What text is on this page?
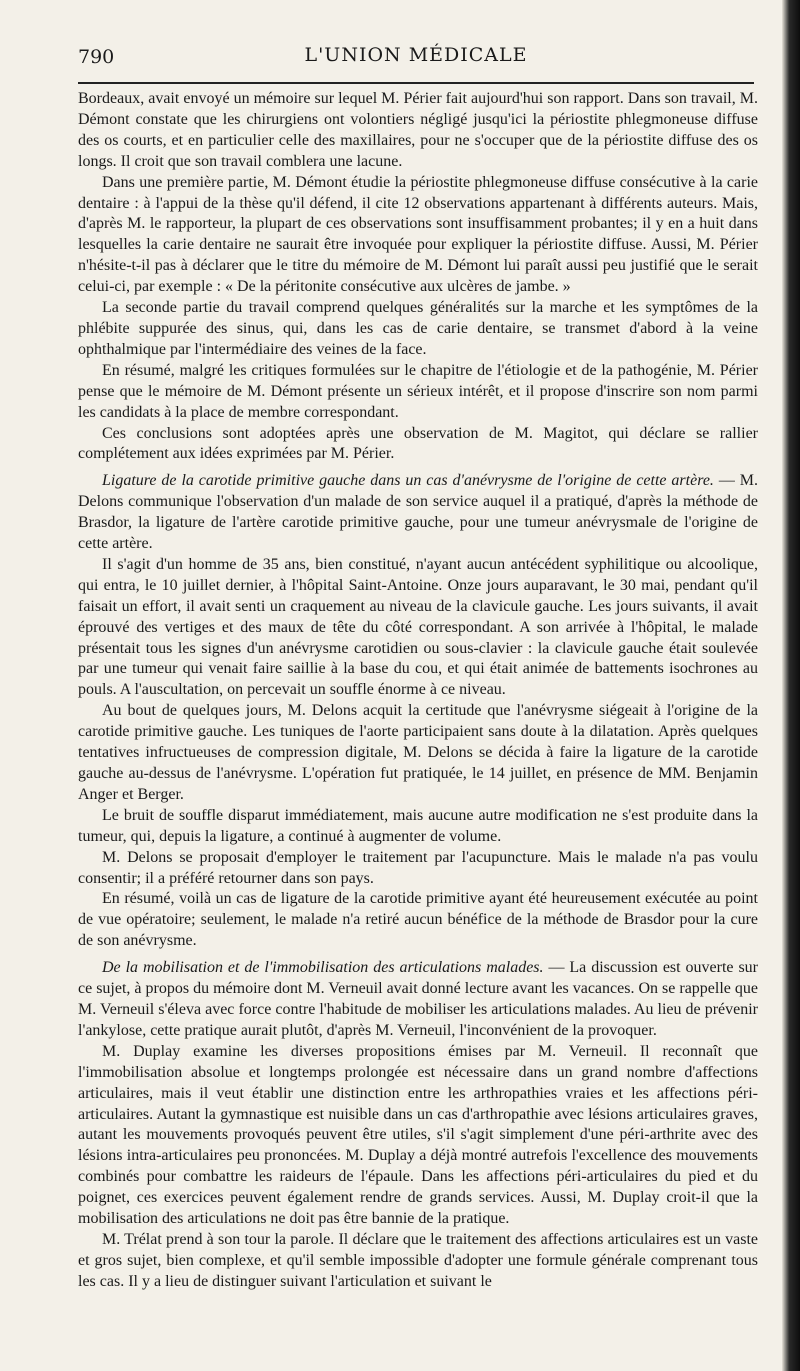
790	L'UNION MÉDICALE

Bordeaux, avait envoyé un mémoire sur lequel M. Périer fait aujourd'hui son rapport. Dans son travail, M. Démont constate que les chirurgiens ont volontiers négligé jusqu'ici la périostite phlegmoneuse diffuse des os courts, et en particulier celle des maxillaires, pour ne s'occuper que de la périostite diffuse des os longs. Il croit que son travail comblera une lacune.

Dans une première partie, M. Démont étudie la périostite phlegmoneuse diffuse consécutive à la carie dentaire : à l'appui de la thèse qu'il défend, il cite 12 observations appartenant à différents auteurs. Mais, d'après M. le rapporteur, la plupart de ces observations sont insuffisamment probantes; il y en a huit dans lesquelles la carie dentaire ne saurait être invoquée pour expliquer la périostite diffuse. Aussi, M. Périer n'hésite-t-il pas à déclarer que le titre du mémoire de M. Démont lui paraît aussi peu justifié que le serait celui-ci, par exemple : « De la péritonite consécutive aux ulcères de jambe. »

La seconde partie du travail comprend quelques généralités sur la marche et les symptômes de la phlébite suppurée des sinus, qui, dans les cas de carie dentaire, se transmet d'abord à la veine ophthalmique par l'intermédiaire des veines de la face.

En résumé, malgré les critiques formulées sur le chapitre de l'étiologie et de la pathogénie, M. Périer pense que le mémoire de M. Démont présente un sérieux intérêt, et il propose d'inscrire son nom parmi les candidats à la place de membre correspondant.

Ces conclusions sont adoptées après une observation de M. Magitot, qui déclare se rallier complétement aux idées exprimées par M. Périer.

Ligature de la carotide primitive gauche dans un cas d'anévrysme de l'origine de cette artère. — M. Delons communique l'observation d'un malade de son service auquel il a pratiqué, d'après la méthode de Brasdor, la ligature de l'artère carotide primitive gauche, pour une tumeur anévrysmale de l'origine de cette artère.

Il s'agit d'un homme de 35 ans, bien constitué, n'ayant aucun antécédent syphilitique ou alcoolique, qui entra, le 10 juillet dernier, à l'hôpital Saint-Antoine. Onze jours auparavant, le 30 mai, pendant qu'il faisait un effort, il avait senti un craquement au niveau de la clavicule gauche. Les jours suivants, il avait éprouvé des vertiges et des maux de tête du côté correspondant. A son arrivée à l'hôpital, le malade présentait tous les signes d'un anévrysme carotidien ou sous-clavier : la clavicule gauche était soulevée par une tumeur qui venait faire saillie à la base du cou, et qui était animée de battements isochrones au pouls. A l'auscultation, on percevait un souffle énorme à ce niveau.

Au bout de quelques jours, M. Delons acquit la certitude que l'anévrysme siégeait à l'origine de la carotide primitive gauche. Les tuniques de l'aorte participaient sans doute à la dilatation. Après quelques tentatives infructueuses de compression digitale, M. Delons se décida à faire la ligature de la carotide gauche au-dessus de l'anévrysme. L'opération fut pratiquée, le 14 juillet, en présence de MM. Benjamin Anger et Berger.

Le bruit de souffle disparut immédiatement, mais aucune autre modification ne s'est produite dans la tumeur, qui, depuis la ligature, a continué à augmenter de volume.

M. Delons se proposait d'employer le traitement par l'acupuncture. Mais le malade n'a pas voulu consentir; il a préféré retourner dans son pays.

En résumé, voilà un cas de ligature de la carotide primitive ayant été heureusement exécutée au point de vue opératoire; seulement, le malade n'a retiré aucun bénéfice de la méthode de Brasdor pour la cure de son anévrysme.

De la mobilisation et de l'immobilisation des articulations malades. — La discussion est ouverte sur ce sujet, à propos du mémoire dont M. Verneuil avait donné lecture avant les vacances. On se rappelle que M. Verneuil s'éleva avec force contre l'habitude de mobiliser les articulations malades. Au lieu de prévenir l'ankylose, cette pratique aurait plutôt, d'après M. Verneuil, l'inconvénient de la provoquer.

M. Duplay examine les diverses propositions émises par M. Verneuil. Il reconnaît que l'immobilisation absolue et longtemps prolongée est nécessaire dans un grand nombre d'affections articulaires, mais il veut établir une distinction entre les arthropathies vraies et les affections péri-articulaires. Autant la gymnastique est nuisible dans un cas d'arthropathie avec lésions articulaires graves, autant les mouvements provoqués peuvent être utiles, s'il s'agit simplement d'une péri-arthrite avec des lésions intra-articulaires peu prononcées. M. Duplay a déjà montré autrefois l'excellence des mouvements combinés pour combattre les raideurs de l'épaule. Dans les affections péri-articulaires du pied et du poignet, ces exercices peuvent également rendre de grands services. Aussi, M. Duplay croit-il que la mobilisation des articulations ne doit pas être bannie de la pratique.

M. Trélat prend à son tour la parole. Il déclare que le traitement des affections articulaires est un vaste et gros sujet, bien complexe, et qu'il semble impossible d'adopter une formule générale comprenant tous les cas. Il y a lieu de distinguer suivant l'articulation et suivant le
